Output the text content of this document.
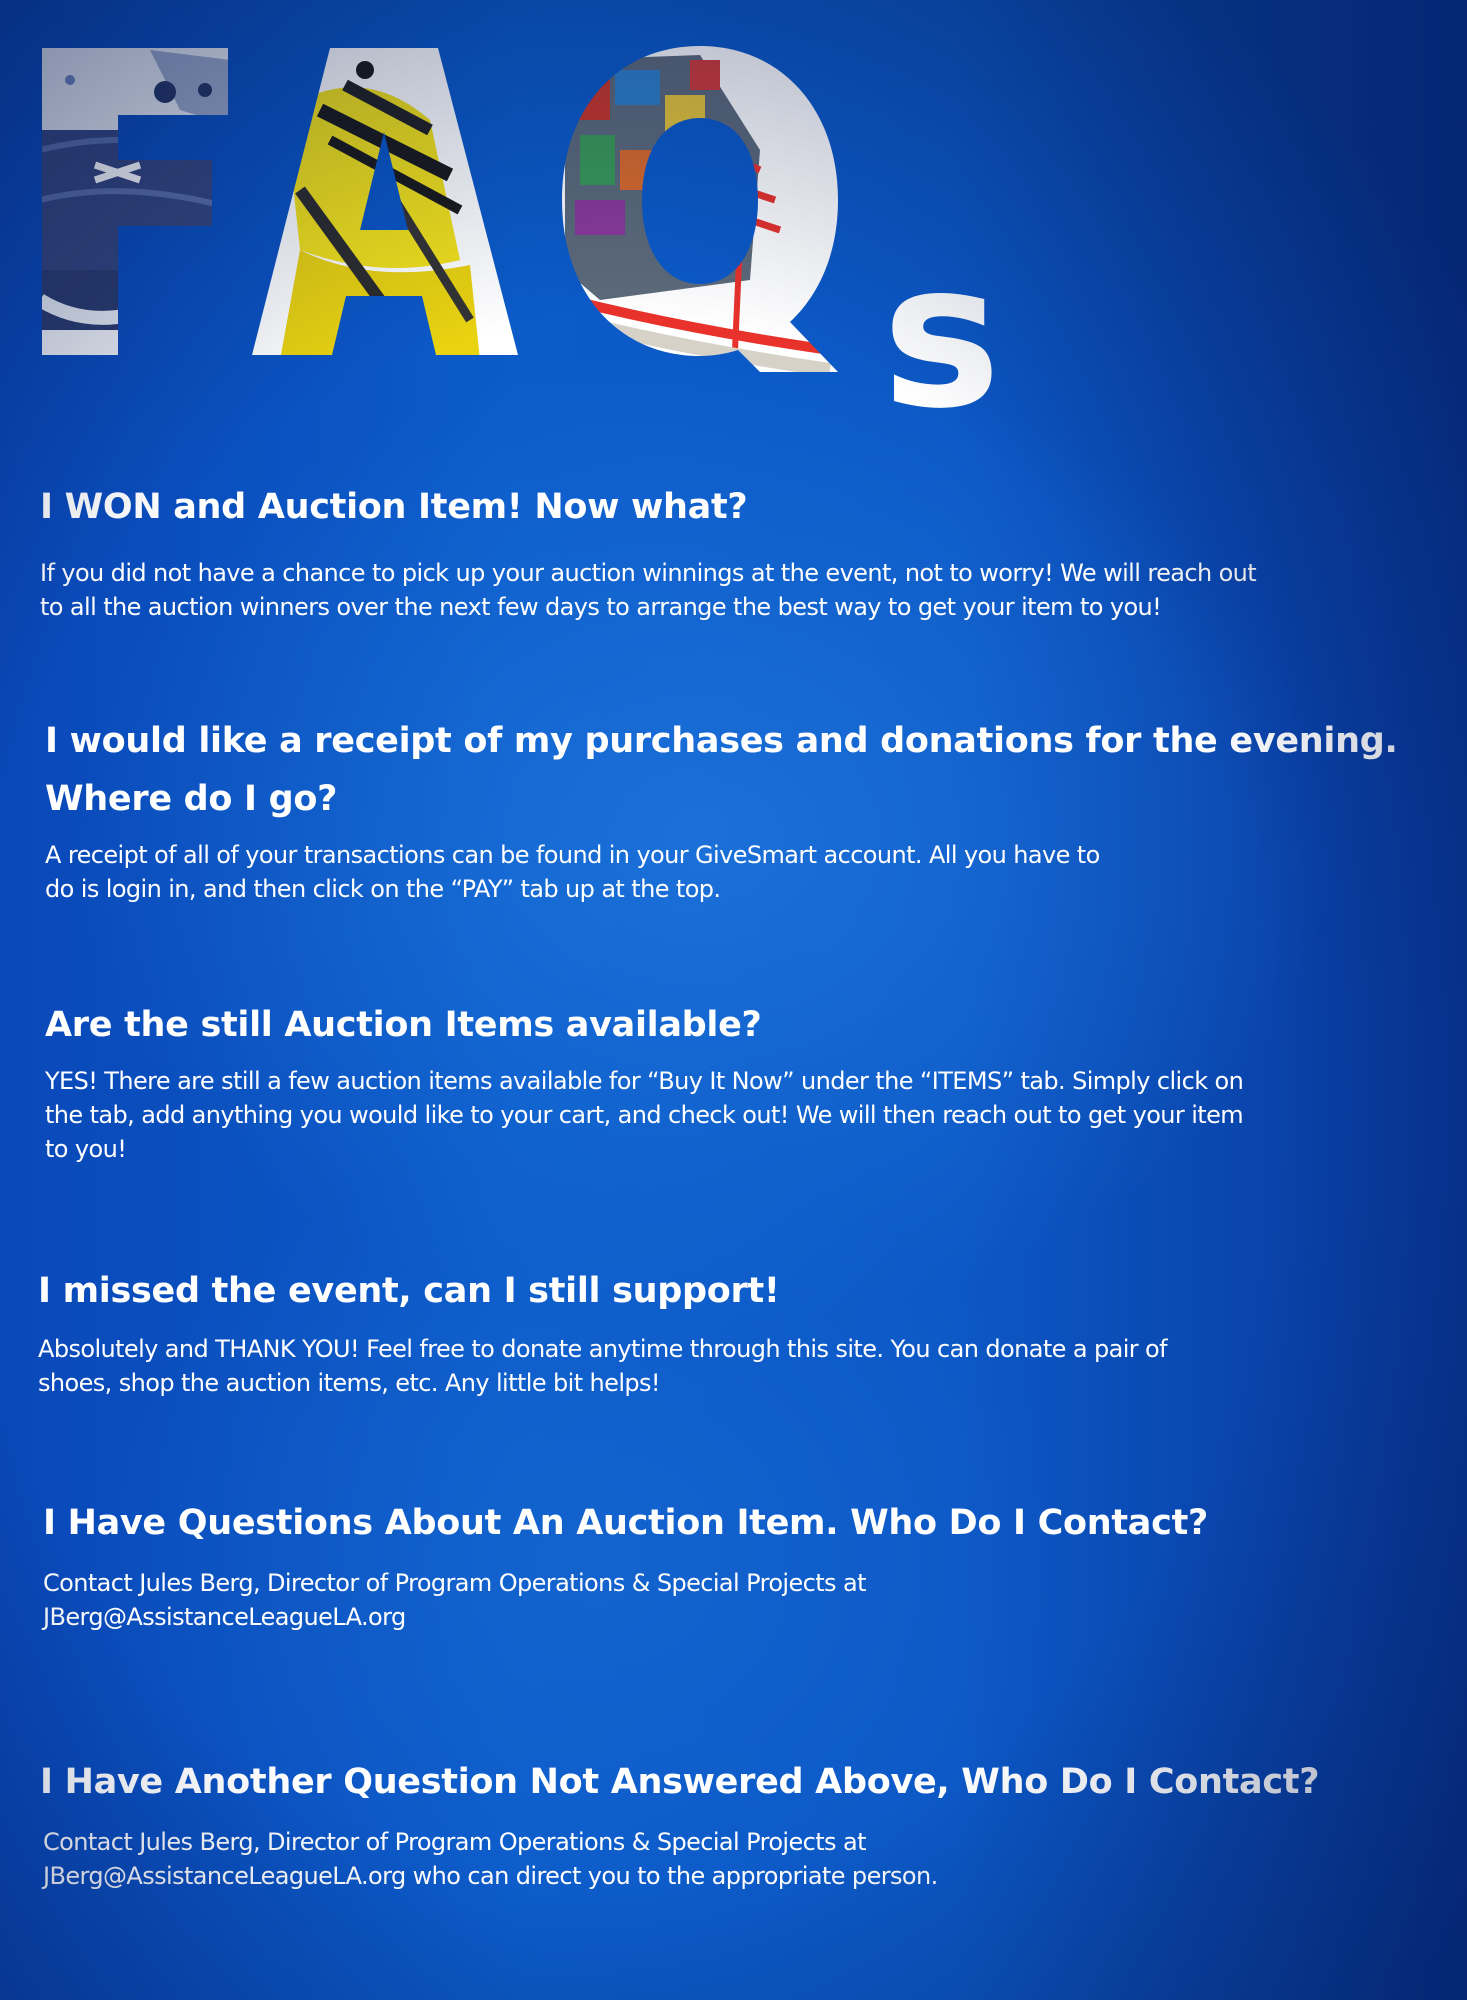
s
I WON and Auction Item! Now what?

If you did not have a chance to pick up your auction winnings at the event, not to worry! We will reach out

to all the auction winners over the next few days to arrange the best way to get your item to you!

I would like a receipt of my purchases and donations for the evening.
Where do I go?

A receipt of all of your transactions can be found in your GiveSmart account. All you have to

do is login in, and then click on the “PAY” tab up at the top.

Are the still Auction Items available?

YES! There are still a few auction items available for “Buy It Now” under the “ITEMS” tab. Simply click on

the tab, add anything you would like to your cart, and check out! We will then reach out to get your item

to you!

I missed the event, can I still support!

Absolutely and THANK YOU! Feel free to donate anytime through this site. You can donate a pair of

shoes, shop the auction items, etc. Any little bit helps!

I Have Questions About An Auction Item. Who Do I Contact?

Contact Jules Berg, Director of Program Operations & Special Projects at

JBerg@AssistanceLeagueLA.org

I Have Another Question Not Answered Above, Who Do I Contact?

Contact Jules Berg, Director of Program Operations & Special Projects at

JBerg@AssistanceLeagueLA.org who can direct you to the appropriate person.
